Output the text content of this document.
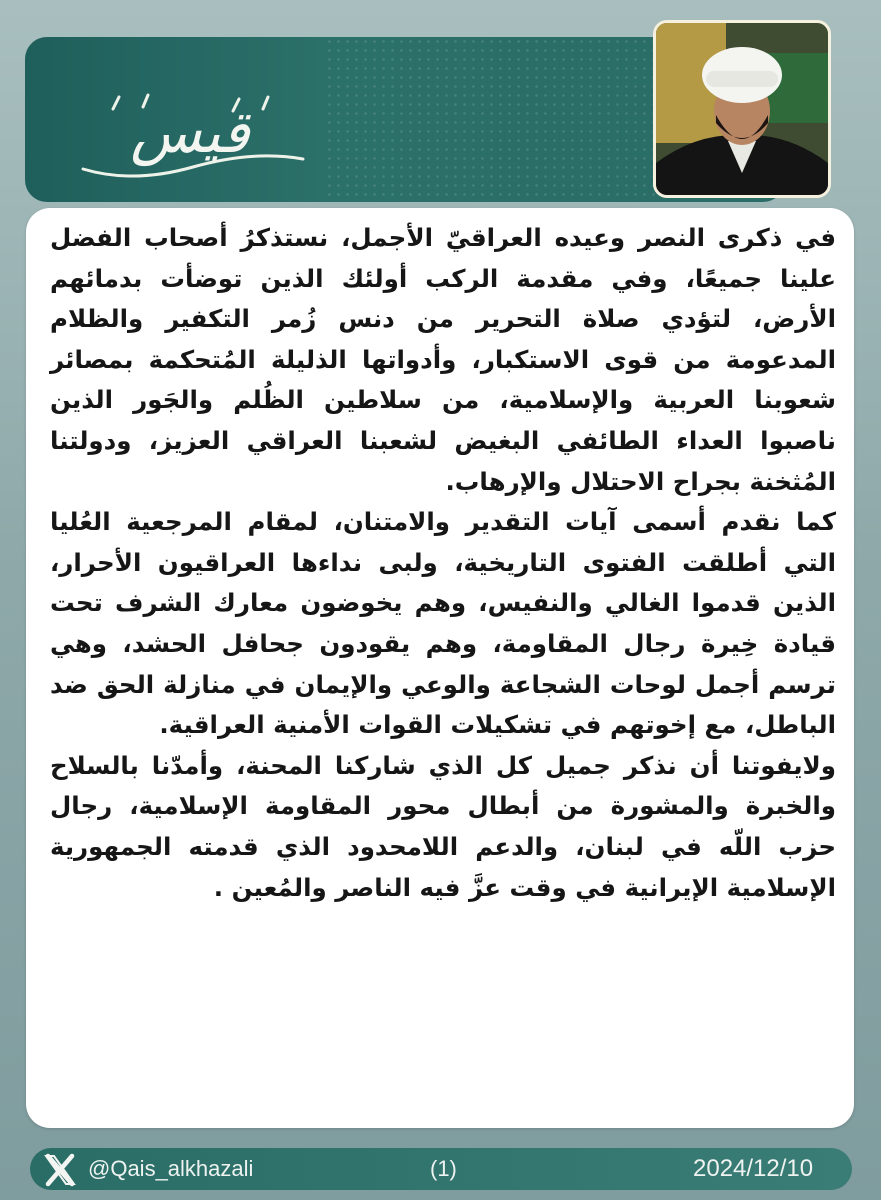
قيس

في ذكرى النصر وعيده العراقيّ الأجمل، نستذكرُ أصحاب الفضل علينا جميعًا، وفي مقدمة الركب أولئك الذين توضأت بدمائهم الأرض، لتؤدي صلاة التحرير من دنس زُمر التكفير والظلام المدعومة من قوى الاستكبار، وأدواتها الذليلة المُتحكمة بمصائر شعوبنا العربية والإسلامية، من سلاطين الظُلم والجَور الذين ناصبوا العداء الطائفي البغيض لشعبنا العراقي العزيز، ودولتنا المُثخنة بجراح الاحتلال والإرهاب.

كما نقدم أسمى آيات التقدير والامتنان، لمقام المرجعية العُليا التي أطلقت الفتوى التاريخية، ولبى نداءها العراقيون الأحرار، الذين قدموا الغالي والنفيس، وهم يخوضون معارك الشرف تحت قيادة خِيرة رجال المقاومة، وهم يقودون جحافل الحشد، وهي ترسم أجمل لوحات الشجاعة والوعي والإيمان في منازلة الحق ضد الباطل، مع إخوتهم في تشكيلات القوات الأمنية العراقية.

ولايفوتنا أن نذكر جميل كل الذي شاركنا المحنة، وأمدّنا بالسلاح والخبرة والمشورة من أبطال محور المقاومة الإسلامية، رجال حزب اللّه في لبنان، والدعم اللامحدود الذي قدمته الجمهورية الإسلامية الإيرانية في وقت عزَّ فيه الناصر والمُعين .

@Qais_alkhazali	(1)	2024/12/10
